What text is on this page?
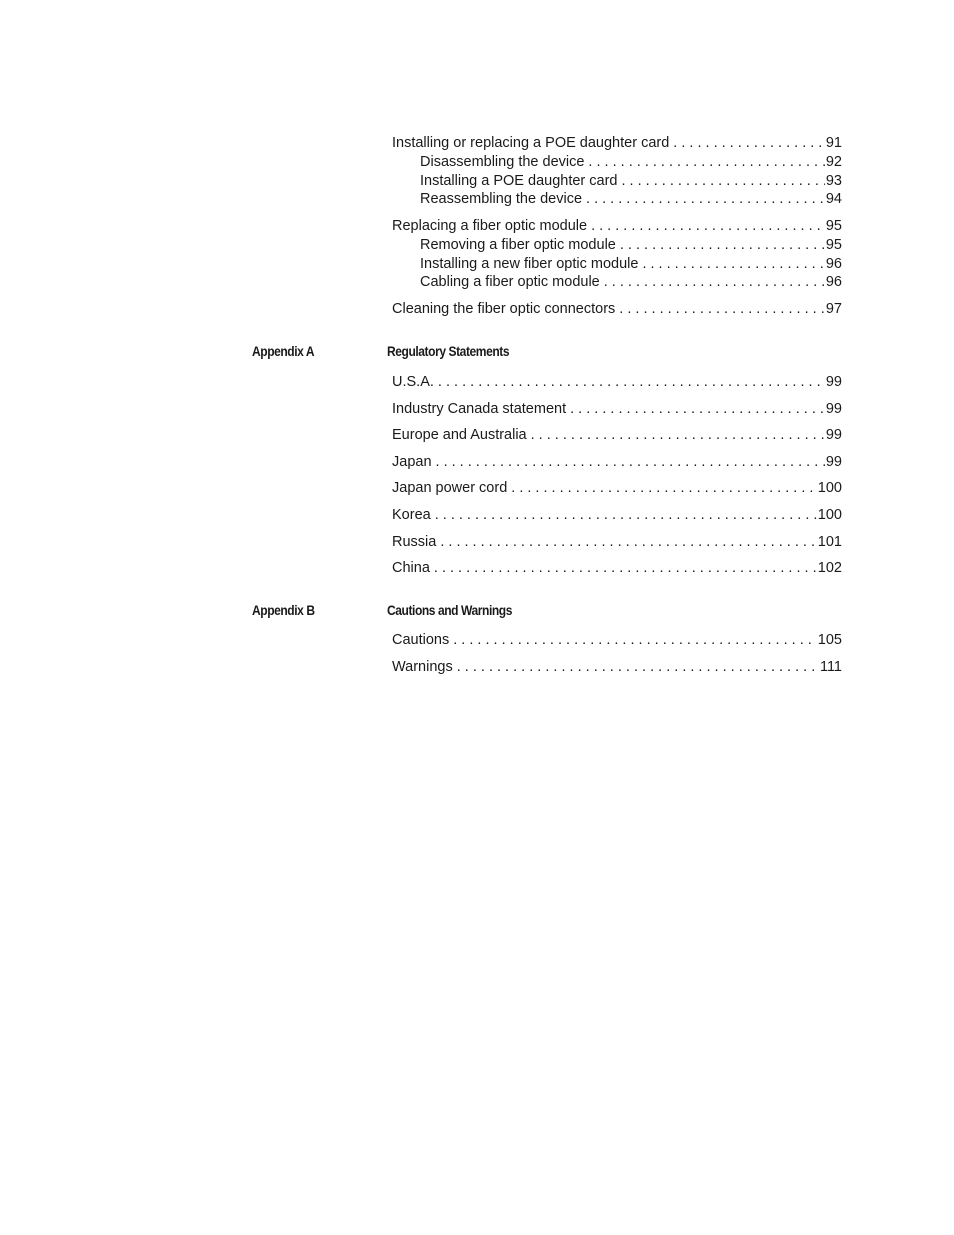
Installing or replacing a POE daughter card . . .	91
Disassembling the device . . .	92
Installing a POE daughter card . . .	93
Reassembling the device . . .	94
Replacing a fiber optic module . . .	95
Removing a fiber optic module . . .	95
Installing a new fiber optic module . . .	96
Cabling a fiber optic module . . .	96
Cleaning the fiber optic connectors . . .	97
Appendix A	Regulatory Statements
U.S.A. . . .	99
Industry Canada statement . . .	99
Europe and Australia . . .	99
Japan . . .	99
Japan power cord . . .	100
Korea . . .	100
Russia . . .	101
China . . .	102
Appendix B	Cautions and Warnings
Cautions . . .	105
Warnings . . .	111
